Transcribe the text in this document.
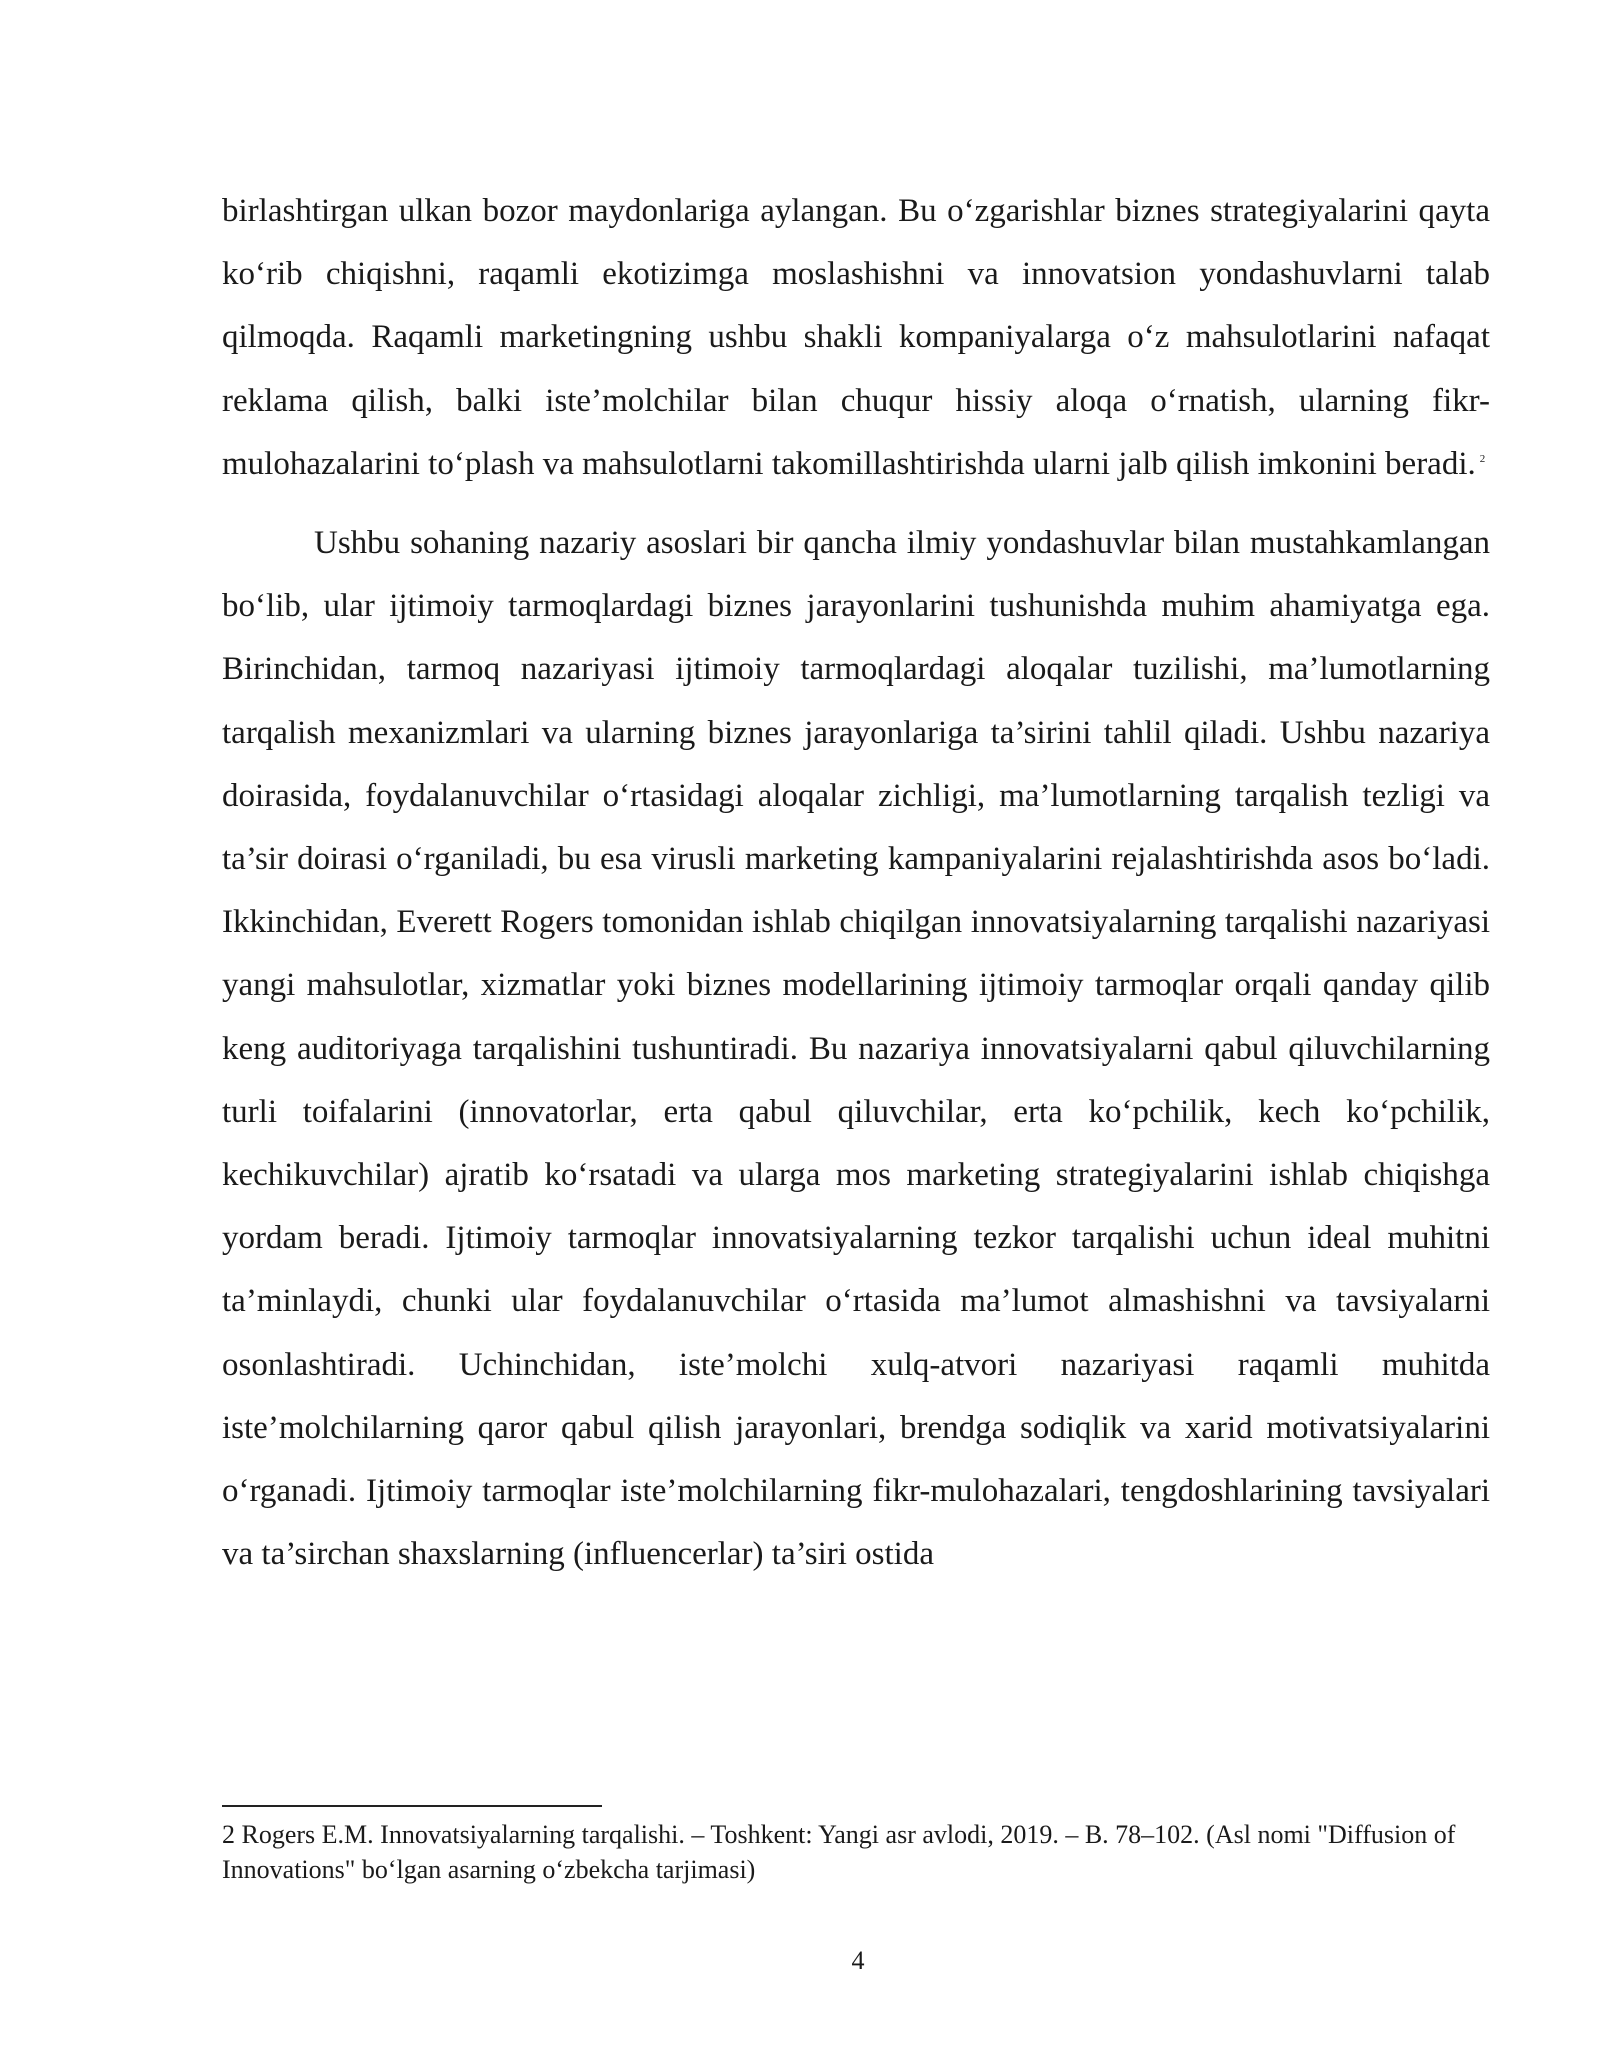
birlashtirgan ulkan bozor maydonlariga aylangan. Bu o‘zgarishlar biznes strategiyalarini qayta ko‘rib chiqishni, raqamli ekotizimga moslashishni va innovatsion yondashuvlarni talab qilmoqda. Raqamli marketingning ushbu shakli kompaniyalarga o‘z mahsulotlarini nafaqat reklama qilish, balki iste’molchilar bilan chuqur hissiy aloqa o‘rnatish, ularning fikr-mulohazalarini to‘plash va mahsulotlarni takomillashtirishda ularni jalb qilish imkonini beradi. $^2$

Ushbu sohaning nazariy asoslari bir qancha ilmiy yondashuvlar bilan mustahkamlangan bo‘lib, ular ijtimoiy tarmoqlardagi biznes jarayonlarini tushunishda muhim ahamiyatga ega. Birinchidan, tarmoq nazariyasi ijtimoiy tarmoqlardagi aloqalar tuzilishi, ma’lumotlarning tarqalish mexanizmlari va ularning biznes jarayonlariga ta’sirini tahlil qiladi. Ushbu nazariya doirasida, foydalanuvchilar o‘rtasidagi aloqalar zichligi, ma’lumotlarning tarqalish tezligi va ta’sir doirasi o‘rganiladi, bu esa virusli marketing kampaniyalarini rejalashtirishda asos bo‘ladi. Ikkinchidan, Everett Rogers tomonidan ishlab chiqilgan innovatsiyalarning tarqalishi nazariyasi yangi mahsulotlar, xizmatlar yoki biznes modellarining ijtimoiy tarmoqlar orqali qanday qilib keng auditoriyaga tarqalishini tushuntiradi. Bu nazariya innovatsiyalarni qabul qiluvchilarning turli toifalarini (innovatorlar, erta qabul qiluvchilar, erta ko‘pchilik, kech ko‘pchilik, kechikuvchilar) ajratib ko‘rsatadi va ularga mos marketing strategiyalarini ishlab chiqishga yordam beradi. Ijtimoiy tarmoqlar innovatsiyalarning tezkor tarqalishi uchun ideal muhitni ta’minlaydi, chunki ular foydalanuvchilar o‘rtasida ma’lumot almashishni va tavsiyalarni osonlashtiradi. Uchinchidan, iste’molchi xulq-atvori nazariyasi raqamli muhitda iste’molchilarning qaror qabul qilish jarayonlari, brendga sodiqlik va xarid motivatsiyalarini o‘rganadi. Ijtimoiy tarmoqlar iste’molchilarning fikr-mulohazalari, tengdoshlarining tavsiyalari va ta’sirchan shaxslarning (influencerlar) ta’siri ostida

2 Rogers E.M. Innovatsiyalarning tarqalishi. – Toshkent: Yangi asr avlodi, 2019. – B. 78–102. (Asl nomi "Diffusion of Innovations" bo‘lgan asarning o‘zbekcha tarjimasi)

4
